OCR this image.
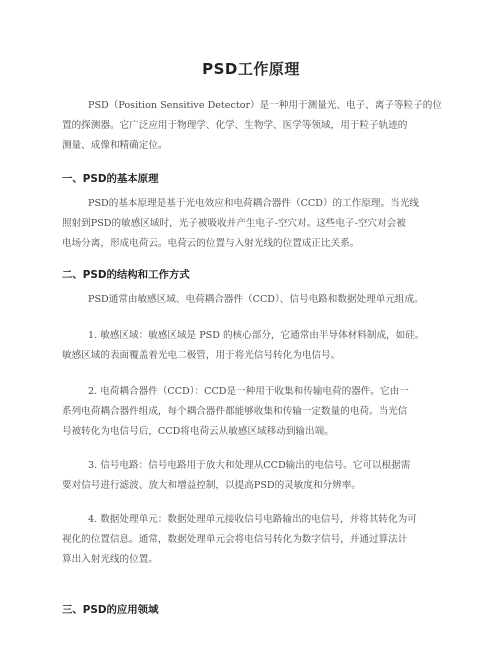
PSD工作原理
PSD（Position Sensitive Detector）是一种用于测量光、电子、离子等粒子的位
置的探测器。它广泛应用于物理学、化学、生物学、医学等领域，用于粒子轨迹的
测量、成像和精确定位。
一、PSD的基本原理
PSD的基本原理是基于光电效应和电荷耦合器件（CCD）的工作原理。当光线
照射到PSD的敏感区域时，光子被吸收并产生电子-空穴对。这些电子-空穴对会被
电场分离，形成电荷云。电荷云的位置与入射光线的位置成正比关系。
二、PSD的结构和工作方式
PSD通常由敏感区域、电荷耦合器件（CCD）、信号电路和数据处理单元组成。
1. 敏感区域：敏感区域是 PSD 的核心部分，它通常由半导体材料制成，如硅。
敏感区域的表面覆盖着光电二极管，用于将光信号转化为电信号。
2. 电荷耦合器件（CCD）：CCD是一种用于收集和传输电荷的器件。它由一
系列电荷耦合器件组成，每个耦合器件都能够收集和传输一定数量的电荷。当光信
号被转化为电信号后，CCD将电荷云从敏感区域移动到输出端。
3. 信号电路：信号电路用于放大和处理从CCD输出的电信号。它可以根据需
要对信号进行滤波、放大和增益控制，以提高PSD的灵敏度和分辨率。
4. 数据处理单元：数据处理单元接收信号电路输出的电信号，并将其转化为可
视化的位置信息。通常，数据处理单元会将电信号转化为数字信号，并通过算法计
算出入射光线的位置。
三、PSD的应用领域
